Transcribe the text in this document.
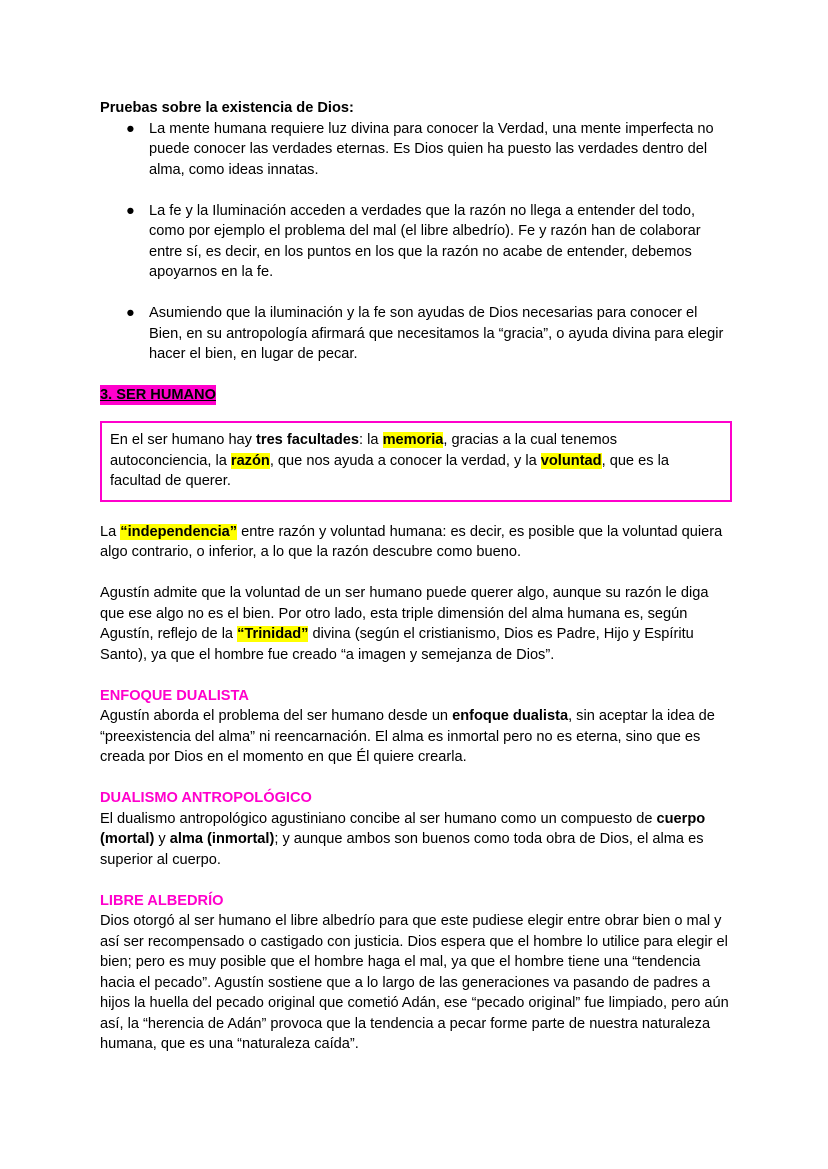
Pruebas sobre la existencia de Dios:

● La mente humana requiere luz divina para conocer la Verdad, una mente imperfecta no puede conocer las verdades eternas. Es Dios quien ha puesto las verdades dentro del alma, como ideas innatas.
● La fe y la Iluminación acceden a verdades que la razón no llega a entender del todo, como por ejemplo el problema del mal (el libre albedrío). Fe y razón han de colaborar entre sí, es decir, en los puntos en los que la razón no acabe de entender, debemos apoyarnos en la fe.
● Asumiendo que la iluminación y la fe son ayudas de Dios necesarias para conocer el Bien, en su antropología afirmará que necesitamos la “gracia”, o ayuda divina para elegir hacer el bien, en lugar de pecar.
3. SER HUMANO
En el ser humano hay tres facultades: la memoria, gracias a la cual tenemos autoconciencia, la razón, que nos ayuda a conocer la verdad, y la voluntad, que es la facultad de querer.

La “independencia” entre razón y voluntad humana: es decir, es posible que la voluntad quiera algo contrario, o inferior, a lo que la razón descubre como bueno.

Agustín admite que la voluntad de un ser humano puede querer algo, aunque su razón le diga que ese algo no es el bien. Por otro lado, esta triple dimensión del alma humana es, según Agustín, reflejo de la “Trinidad” divina (según el cristianismo, Dios es Padre, Hijo y Espíritu Santo), ya que el hombre fue creado “a imagen y semejanza de Dios”.

ENFOQUE DUALISTA

Agustín aborda el problema del ser humano desde un enfoque dualista, sin aceptar la idea de “preexistencia del alma” ni reencarnación. El alma es inmortal pero no es eterna, sino que es creada por Dios en el momento en que Él quiere crearla.

DUALISMO ANTROPOLÓGICO

El dualismo antropológico agustiniano concibe al ser humano como un compuesto de cuerpo (mortal) y alma (inmortal); y aunque ambos son buenos como toda obra de Dios, el alma es superior al cuerpo.

LIBRE ALBEDRÍO

Dios otorgó al ser humano el libre albedrío para que este pudiese elegir entre obrar bien o mal y así ser recompensado o castigado con justicia. Dios espera que el hombre lo utilice para elegir el bien; pero es muy posible que el hombre haga el mal, ya que el hombre tiene una “tendencia hacia el pecado”. Agustín sostiene que a lo largo de las generaciones va pasando de padres a hijos la huella del pecado original que cometió Adán, ese “pecado original” fue limpiado, pero aún así, la “herencia de Adán” provoca que la tendencia a pecar forme parte de nuestra naturaleza humana, que es una “naturaleza caída”.
